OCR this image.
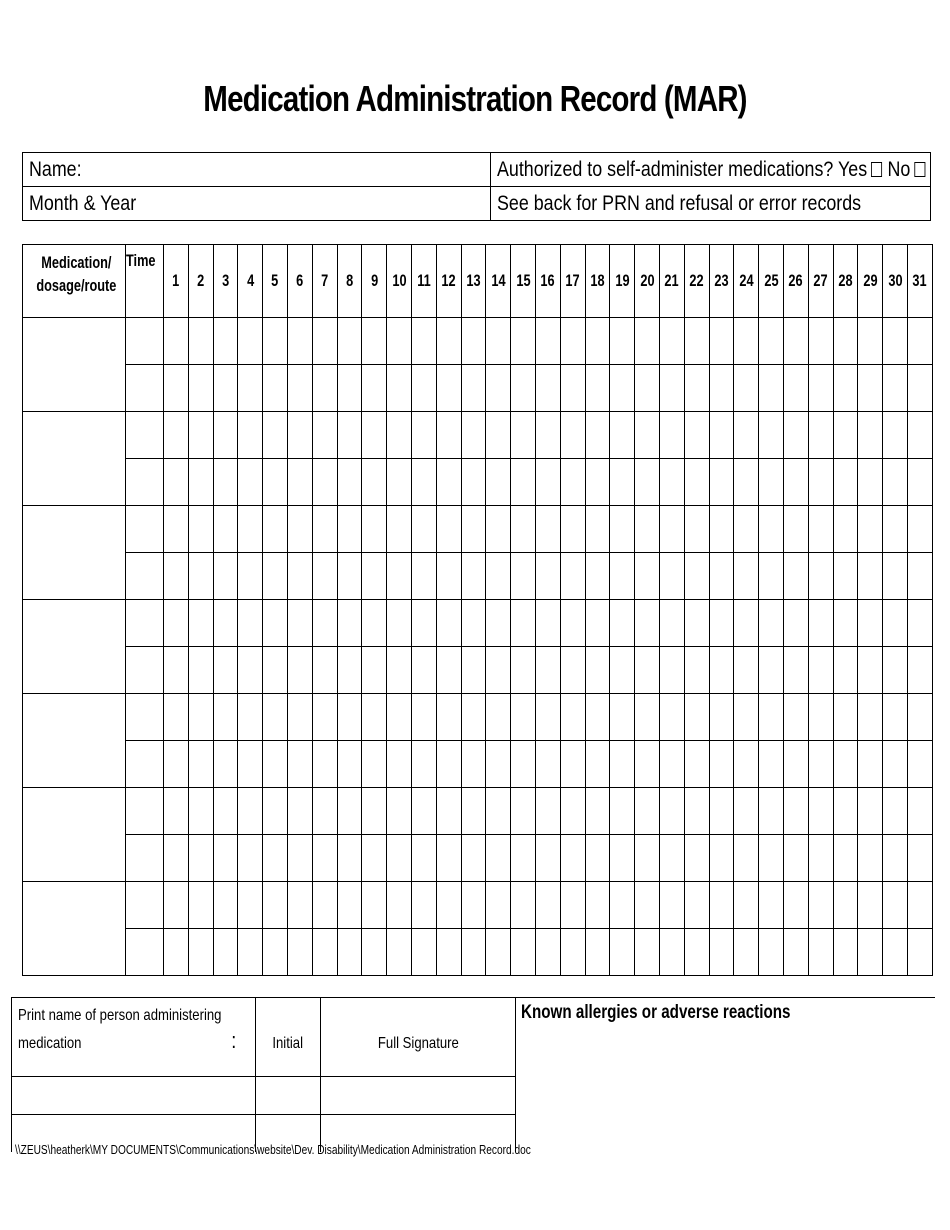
Medication Administration Record (MAR)
Name:	Authorized to self-administer medications? Yes No
Month & Year	See back for PRN and refusal or error records
Medication/
dosage/route	Time	1	2	3	4	5	6	7	8	9	10	11	12	13	14	15	16	17	18	19	20	21	22	23	24	25	26	27	28	29	30	31

Print name of person administering medication :	Initial	Full Signature

Known allergies or adverse reactions
\\ZEUS\heatherk\MY DOCUMENTS\Communications\website\Dev. Disability\Medication Administration Record.doc
